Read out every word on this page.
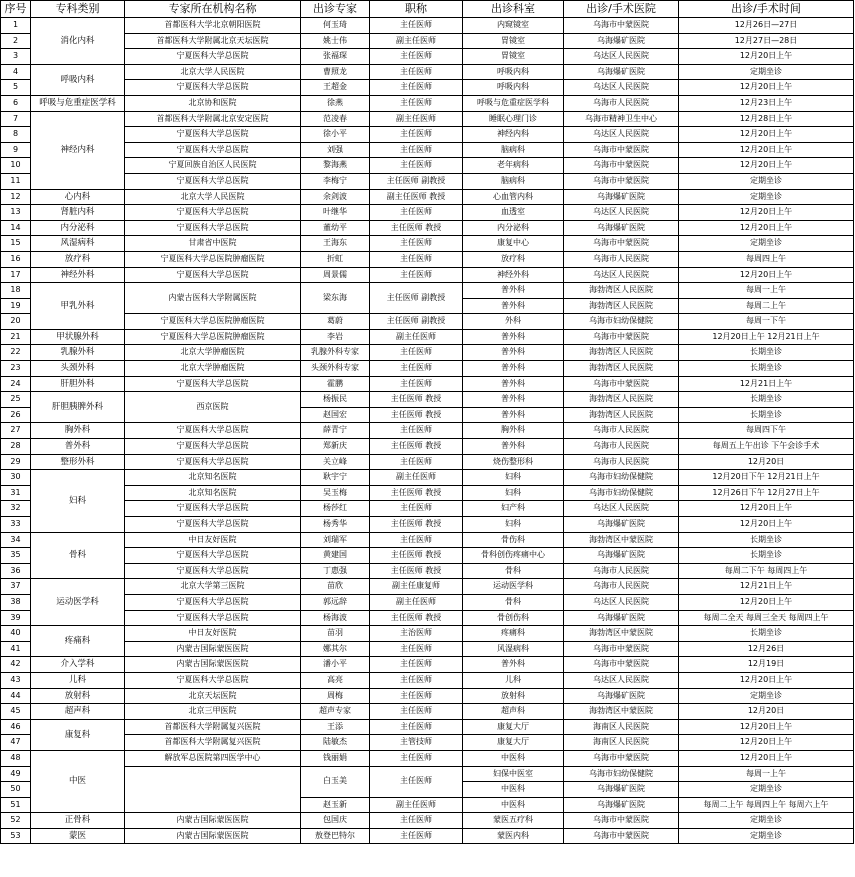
序号	专科类别	专家所在机构名称	出诊专家	职称	出诊科室	出诊/手术医院	出诊/手术时间
1	消化内科	首都医科大学北京朝阳医院	何玉琦	主任医师	内窥镜室	乌海市中蒙医院	12月26日—27日
2		首都医科大学附属北京天坛医院	姚士伟	副主任医师	胃镜室	乌海爆矿医院	12月27日—28日
3		宁夏医科大学总医院	张福琛	主任医师	胃镜室	乌达区人民医院	12月20日上午
4	呼吸内科	北京大学人民医院	曹照龙	主任医师	呼吸内科	乌海爆矿医院	定期坐诊
5		宁夏医科大学总医院	王超金	主任医师	呼吸内科	乌达区人民医院	12月20日上午
6	呼吸与危重症医学科	北京协和医院	徐燕	主任医师	呼吸与危重症医学科	乌海市人民医院	12月23日上午
7	神经内科	首都医科大学附属北京安定医院	范凌春	副主任医师	睡眠心理门诊	乌海市精神卫生中心	12月28日上午
8		宁夏医科大学总医院	徐小平	主任医师	神经内科	乌达区人民医院	12月20日上午
9		宁夏医科大学总医院	刘强	主任医师	脑病科	乌海市中蒙医院	12月20日上午
10		宁夏回族自治区人民医院	黎海燕	主任医师	老年病科	乌海市中蒙医院	12月20日上午
11		宁夏医科大学总医院	李梅宁	主任医师 副教授	脑病科	乌海市中蒙医院	定期坐诊
12	心内科	北京大学人民医院	余剑波	副主任医师 教授	心血管内科	乌海爆矿医院	定期坐诊
13	肾脏内科	宁夏医科大学总医院	叶继华	主任医师	血透室	乌达区人民医院	12月20日上午
14	内分泌科	宁夏医科大学总医院	董幼平	主任医师 教授	内分泌科	乌海爆矿医院	12月20日上午
15	风湿病科	甘肃省中医院	王海东	主任医师	康复中心	乌海市中蒙医院	定期坐诊
16	放疗科	宁夏医科大学总医院肿瘤医院	折虹	主任医师	放疗科	乌海市人民医院	每周四上午
17	神经外科	宁夏医科大学总医院	周景儒	主任医师	神经外科	乌达区人民医院	12月20日上午
18	甲乳外科	内蒙古医科大学附属医院	梁东海	主任医师 副教授	普外科	海勃湾区人民医院	每周一上午
19					普外科	海勃湾区人民医院	每周二上午
20		宁夏医科大学总医院肿瘤医院	葛蔚	主任医师 副教授	外科	乌海市妇幼保健院	每周一下午
21	甲状腺外科	宁夏医科大学总医院肿瘤医院	李岩	副主任医师	普外科	乌海市中蒙医院	12月20日上午 12月21日上午
22	乳腺外科	北京大学肿瘤医院	乳腺外科专家	主任医师	普外科	海勃湾区人民医院	长期坐诊
23	头颈外科	北京大学肿瘤医院	头颈外科专家	主任医师	普外科	海勃湾区人民医院	长期坐诊
24	肝胆外科	宁夏医科大学总医院	霍鹏	主任医师	普外科	乌海市中蒙医院	12月21日上午
25	肝胆胰脾外科	西京医院	杨振民	主任医师 教授	普外科	海勃湾区人民医院	长期坐诊
26			赵国宏	主任医师 教授	普外科	海勃湾区人民医院	长期坐诊
27	胸外科	宁夏医科大学总医院	薛青宁	主任医师	胸外科	乌海市人民医院	每周四下午
28	普外科	宁夏医科大学总医院	郑新庆	主任医师 教授	普外科	乌海市人民医院	每周五上午出诊 下午会诊手术
29	整形外科	宁夏医科大学总医院	关立峰	主任医师	烧伤整形科	乌海市人民医院	12月20日
30	妇科	北京知名医院	耿宇宁	副主任医师	妇科	乌海市妇幼保健院	12月20日下午 12月21日上午
31		北京知名医院	吴玉梅	主任医师 教授	妇科	乌海市妇幼保健院	12月26日下午 12月27日上午
32		宁夏医科大学总医院	杨莎红	主任医师	妇产科	乌达区人民医院	12月20日上午
33		宁夏医科大学总医院	杨秀华	主任医师 教授	妇科	乌海爆矿医院	12月20日上午
34	骨科	中日友好医院	刘瑞军	主任医师	骨伤科	海勃湾区中蒙医院	长期坐诊
35		宁夏医科大学总医院	黄建国	主任医师 教授	骨科创伤疼痛中心	乌海爆矿医院	长期坐诊
36		宁夏医科大学总医院	丁惠强	主任医师 教授	骨科	乌海市人民医院	每周二下午 每周四上午
37	运动医学科	北京大学第三医院	苗欣	副主任康复师	运动医学科	乌海市人民医院	12月21日上午
38		宁夏医科大学总医院	郭远辞	副主任医师	骨科	乌达区人民医院	12月20日上午
39		宁夏医科大学总医院	杨海波	主任医师 教授	骨创伤科	乌海爆矿医院	每周二全天 每周三全天 每周四上午
40	疼痛科	中日友好医院	苗羽	主治医师	疼痛科	海勃湾区中蒙医院	长期坐诊
41		内蒙古国际蒙医医院	娜其尔	主任医师	风湿病科	乌海市中蒙医院	12月26日
42	介入学科	内蒙古国际蒙医医院	潘小平	主任医师	普外科	乌海市中蒙医院	12月19日
43	儿科	宁夏医科大学总医院	高亮	主任医师	儿科	乌达区人民医院	12月20日上午
44	放射科	北京天坛医院	周梅	主任医师	放射科	乌海爆矿医院	定期坐诊
45	超声科	北京三甲医院	超声专家	主任医师	超声科	海勃湾区中蒙医院	12月20日
46	康复科	首都医科大学附属复兴医院	王添	主任医师	康复大厅	海南区人民医院	12月20日上午
47		首都医科大学附属复兴医院	陆敏杰	主管技师	康复大厅	海南区人民医院	12月20日上午
48	中医	解放军总医院第四医学中心	钱丽娟	主任医师	中医科	乌海市中蒙医院	12月20日上午
49			白玉美	主任医师	妇保中医室	乌海市妇幼保健院	每周一上午
50					中医科	乌海爆矿医院	定期坐诊
51			赵玉新	副主任医师	中医科	乌海爆矿医院	每周二上午 每周四上午 每周六上午
52	正骨科	内蒙古国际蒙医医院	包国庆	主任医师	蒙医五疗科	乌海市中蒙医院	定期坐诊
53	蒙医	内蒙古国际蒙医医院	敖登巴特尔	主任医师	蒙医内科	乌海市中蒙医院	定期坐诊
